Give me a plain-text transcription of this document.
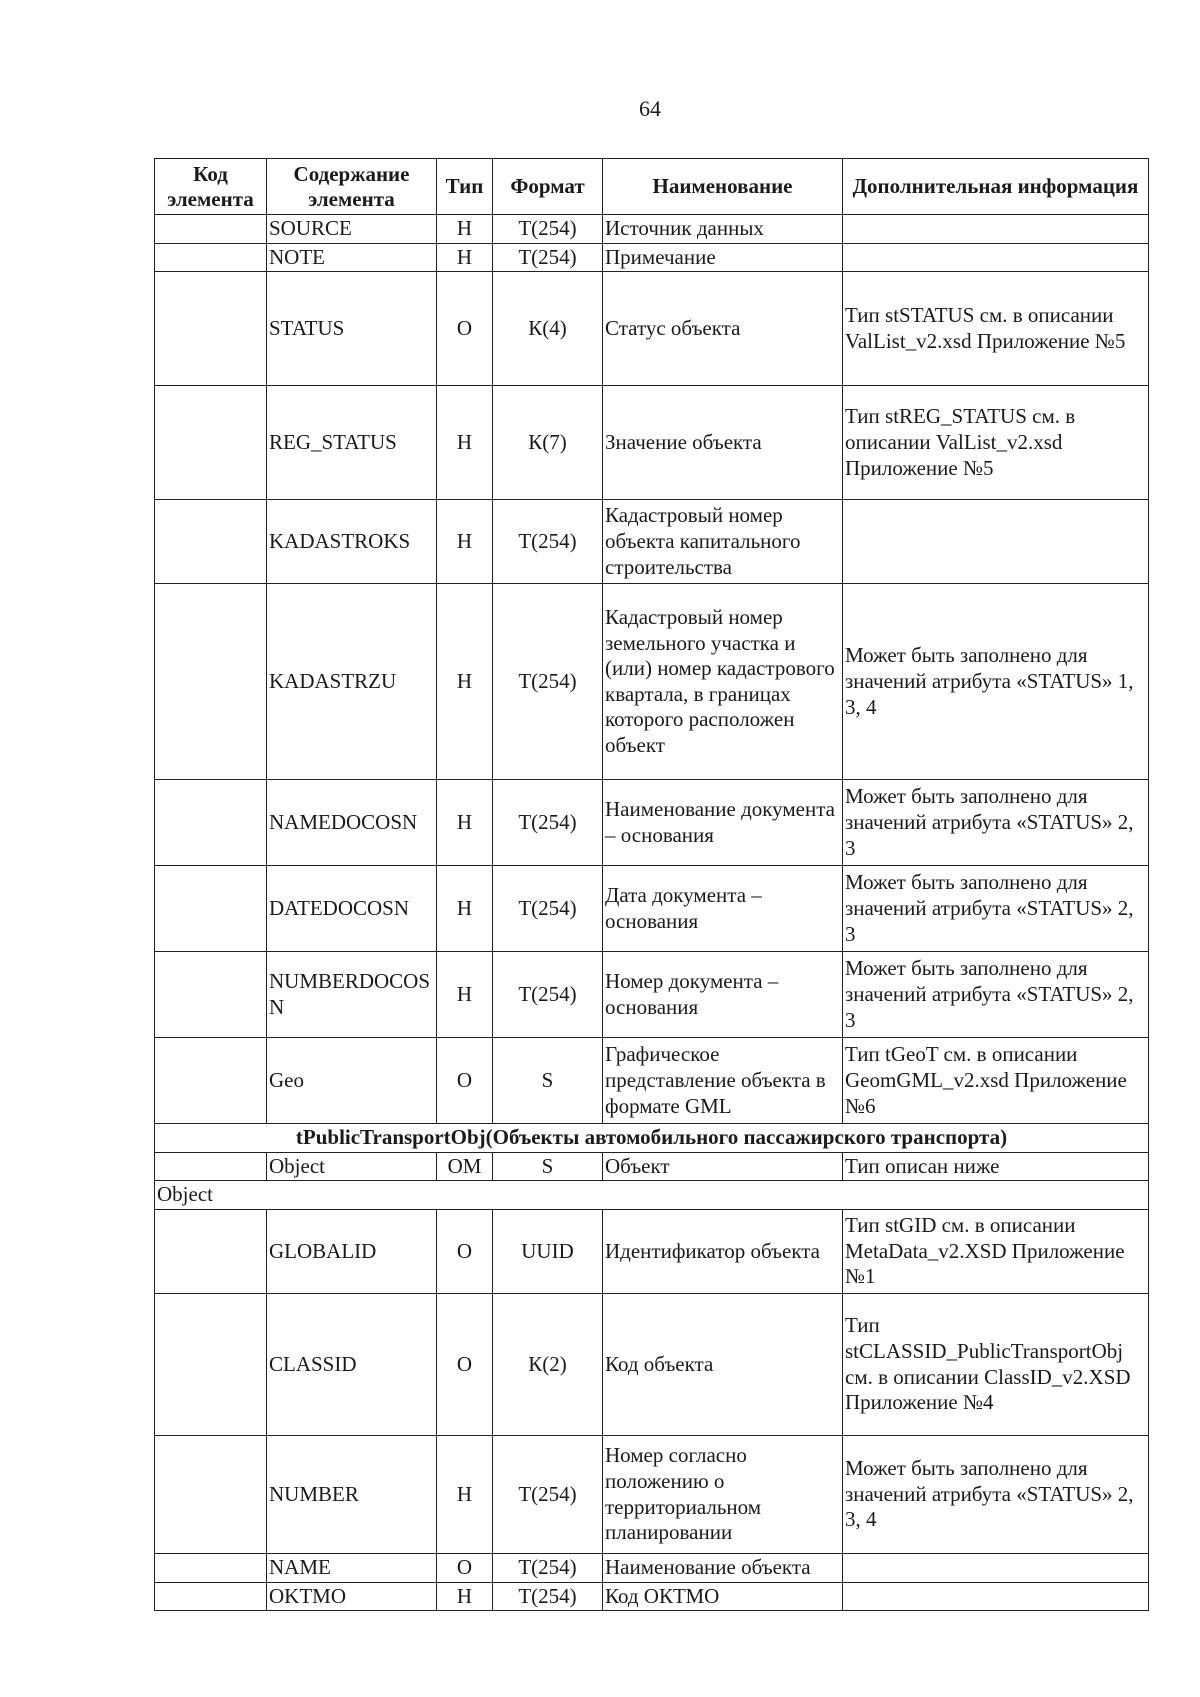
64
Код элемента	Содержание элемента	Тип	Формат	Наименование	Дополнительная информация
	SOURCE	Н	Т(254)	Источник данных	
	NOTE	Н	Т(254)	Примечание	
	STATUS	О	К(4)	Статус объекта	Тип stSTATUS см. в описании ValList_v2.xsd Приложение №5
	REG_STATUS	Н	К(7)	Значение объекта	Тип stREG_STATUS см. в описании ValList_v2.xsd Приложение №5
	KADASTROKS	Н	Т(254)	Кадастровый номер объекта капитального строительства	
	KADASTRZU	Н	Т(254)	Кадастровый номер земельного участка и (или) номер кадастрового квартала, в границах которого расположен объект	Может быть заполнено для значений атрибута «STATUS» 1, 3, 4
	NAMEDOCOSN	Н	Т(254)	Наименование документа – основания	Может быть заполнено для значений атрибута «STATUS» 2, 3
	DATEDOCOSN	Н	Т(254)	Дата документа – основания	Может быть заполнено для значений атрибута «STATUS» 2, 3
	NUMBERDOCOSN	Н	Т(254)	Номер документа – основания	Может быть заполнено для значений атрибута «STATUS» 2, 3
	Geo	О	S	Графическое представление объекта в формате GML	Тип tGeoT см. в описании GeomGML_v2.xsd Приложение №6
tPublicTransportObj(Объекты автомобильного пассажирского транспорта)					
	Object	ОМ	S	Объект	Тип описан ниже
Object					
	GLOBALID	О	UUID	Идентификатор объекта	Тип stGID см. в описании MetaData_v2.XSD Приложение №1
	CLASSID	О	К(2)	Код объекта	Тип stCLASSID_PublicTransportObj см. в описании ClassID_v2.XSD Приложение №4
	NUMBER	Н	Т(254)	Номер согласно положению о территориальном планировании	Может быть заполнено для значений атрибута «STATUS» 2, 3, 4
	NAME	О	Т(254)	Наименование объекта	
	OKTMO	Н	Т(254)	Код ОКТМО	
